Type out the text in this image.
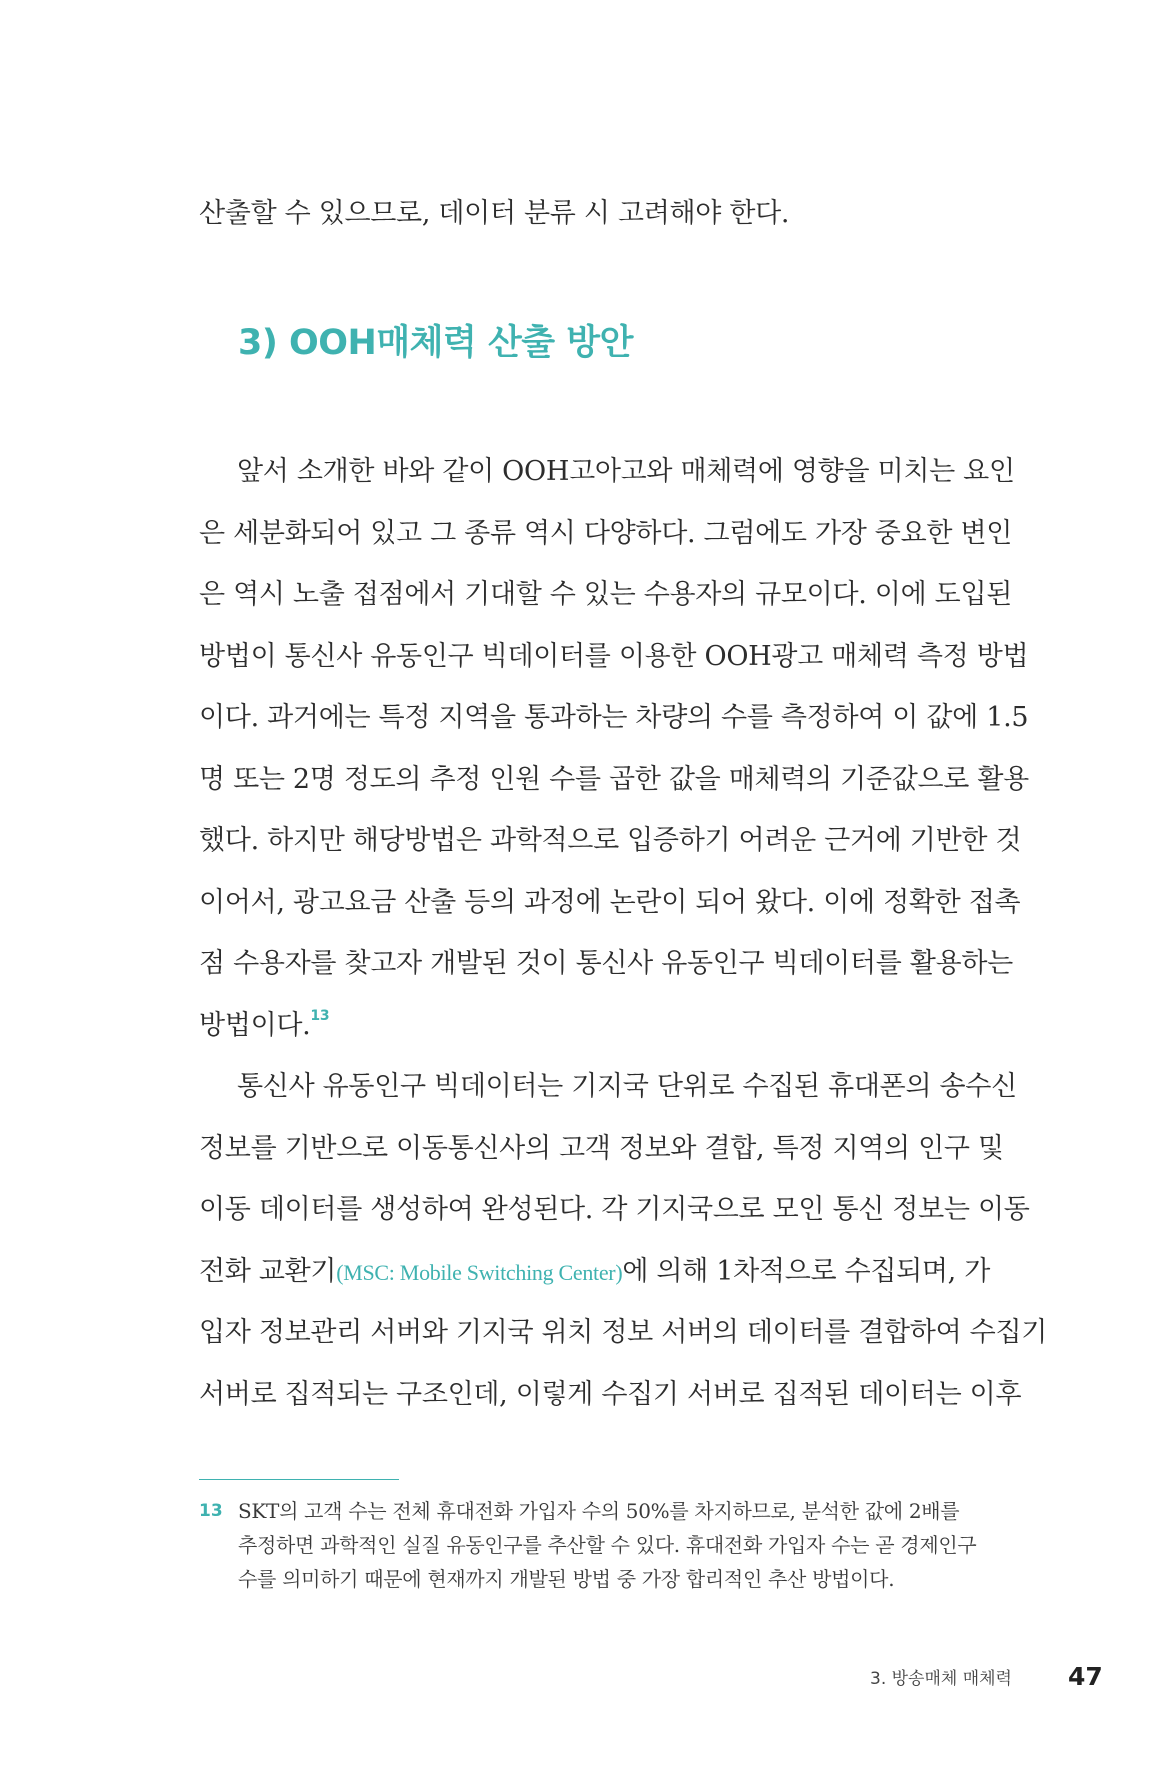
산출할 수 있으므로, 데이터 분류 시 고려해야 한다.
3) OOH매체력 산출 방안
앞서 소개한 바와 같이 OOH고아고와 매체력에 영향을 미치는 요인
은 세분화되어 있고 그 종류 역시 다양하다. 그럼에도 가장 중요한 변인
은 역시 노출 접점에서 기대할 수 있는 수용자의 규모이다. 이에 도입된
방법이 통신사 유동인구 빅데이터를 이용한 OOH광고 매체력 측정 방법
이다. 과거에는 특정 지역을 통과하는 차량의 수를 측정하여 이 값에 1.5
명 또는 2명 정도의 추정 인원 수를 곱한 값을 매체력의 기준값으로 활용
했다. 하지만 해당방법은 과학적으로 입증하기 어려운 근거에 기반한 것
이어서, 광고요금 산출 등의 과정에 논란이 되어 왔다. 이에 정확한 접촉
점 수용자를 찾고자 개발된 것이 통신사 유동인구 빅데이터를 활용하는
방법이다.$^{13}$
통신사 유동인구 빅데이터는 기지국 단위로 수집된 휴대폰의 송수신
정보를 기반으로 이동통신사의 고객 정보와 결합, 특정 지역의 인구 및
이동 데이터를 생성하여 완성된다. 각 기지국으로 모인 통신 정보는 이동
전화 교환기(MSC: Mobile Switching Center)에 의해 1차적으로 수집되며, 가
입자 정보관리 서버와 기지국 위치 정보 서버의 데이터를 결합하여 수집기
서버로 집적되는 구조인데, 이렇게 수집기 서버로 집적된 데이터는 이후
13 SKT의 고객 수는 전체 휴대전화 가입자 수의 50%를 차지하므로, 분석한 값에 2배를
추정하면 과학적인 실질 유동인구를 추산할 수 있다. 휴대전화 가입자 수는 곧 경제인구
수를 의미하기 때문에 현재까지 개발된 방법 중 가장 합리적인 추산 방법이다.
3. 방송매체 매체력 47
